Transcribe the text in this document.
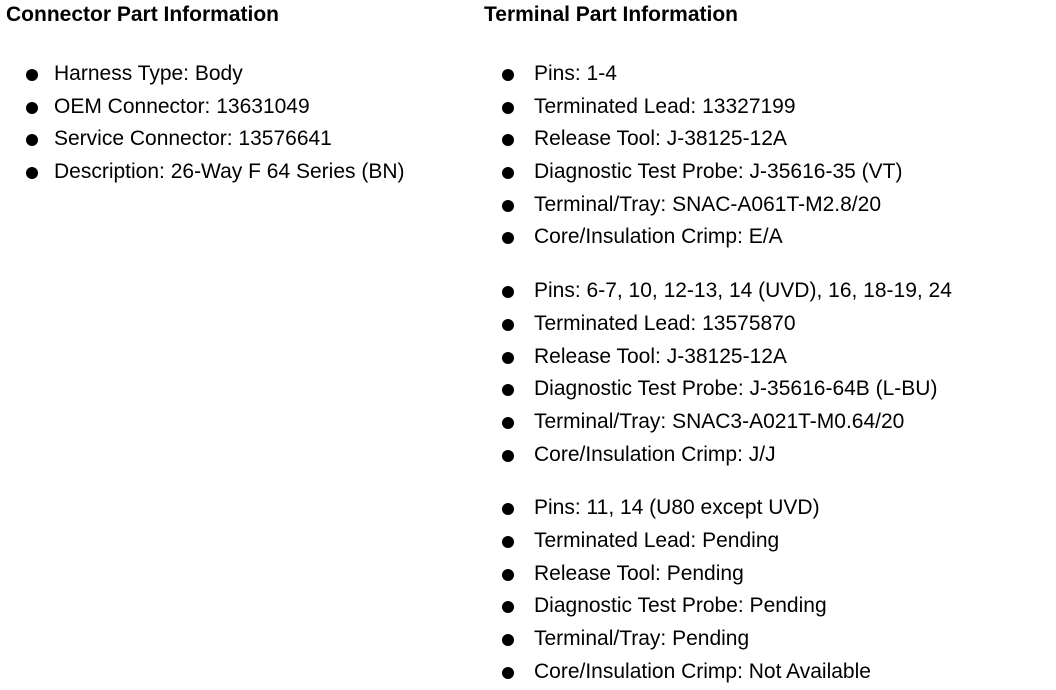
Connector Part Information
Harness Type: Body
OEM Connector: 13631049
Service Connector: 13576641
Description: 26-Way F 64 Series (BN)
Terminal Part Information
Pins: 1-4
Terminated Lead: 13327199
Release Tool: J-38125-12A
Diagnostic Test Probe: J-35616-35 (VT)
Terminal/Tray: SNAC-A061T-M2.8/20
Core/Insulation Crimp: E/A
Pins: 6-7, 10, 12-13, 14 (UVD), 16, 18-19, 24
Terminated Lead: 13575870
Release Tool: J-38125-12A
Diagnostic Test Probe: J-35616-64B (L-BU)
Terminal/Tray: SNAC3-A021T-M0.64/20
Core/Insulation Crimp: J/J
Pins: 11, 14 (U80 except UVD)
Terminated Lead: Pending
Release Tool: Pending
Diagnostic Test Probe: Pending
Terminal/Tray: Pending
Core/Insulation Crimp: Not Available
